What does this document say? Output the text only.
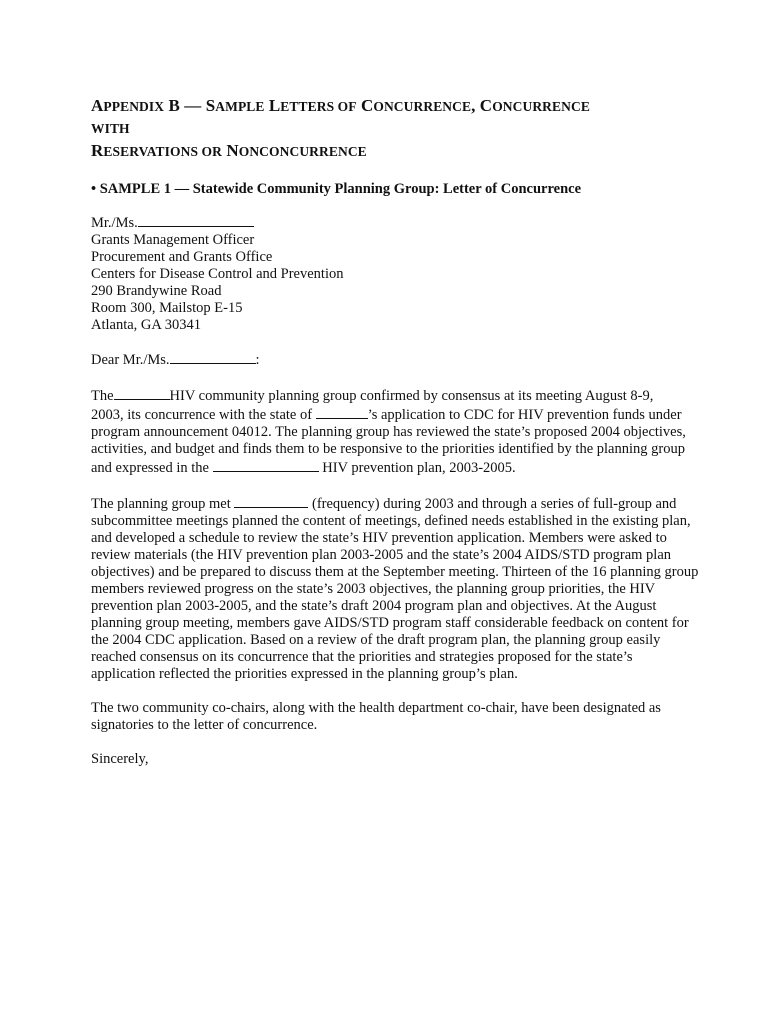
APPENDIX B — SAMPLE LETTERS OF CONCURRENCE, CONCURRENCE
WITH
RESERVATIONS OR NONCONCURRENCE
• SAMPLE 1 — Statewide Community Planning Group: Letter of Concurrence
Mr./Ms.
Grants Management Officer
Procurement and Grants Office
Centers for Disease Control and Prevention
290 Brandywine Road
Room 300, Mailstop E-15
Atlanta, GA 30341
Dear Mr./Ms.	:
The	HIV community planning group confirmed by consensus at its meeting August 8-9,
2003, its concurrence with the state of	’s application to CDC for HIV prevention funds under
program announcement 04012. The planning group has reviewed the state’s proposed 2004 objectives,
activities, and budget and finds them to be responsive to the priorities identified by the planning group
and expressed in the	HIV prevention plan, 2003-2005.
The planning group met	(frequency) during 2003 and through a series of full-group and
subcommittee meetings planned the content of meetings, defined needs established in the existing plan,
and developed a schedule to review the state’s HIV prevention application. Members were asked to
review materials (the HIV prevention plan 2003-2005 and the state’s 2004 AIDS/STD program plan
objectives) and be prepared to discuss them at the September meeting. Thirteen of the 16 planning group
members reviewed progress on the state’s 2003 objectives, the planning group priorities, the HIV
prevention plan 2003-2005, and the state’s draft 2004 program plan and objectives. At the August
planning group meeting, members gave AIDS/STD program staff considerable feedback on content for
the 2004 CDC application. Based on a review of the draft program plan, the planning group easily
reached consensus on its concurrence that the priorities and strategies proposed for the state’s
application reflected the priorities expressed in the planning group’s plan.
The two community co-chairs, along with the health department co-chair, have been designated as
signatories to the letter of concurrence.
Sincerely,
